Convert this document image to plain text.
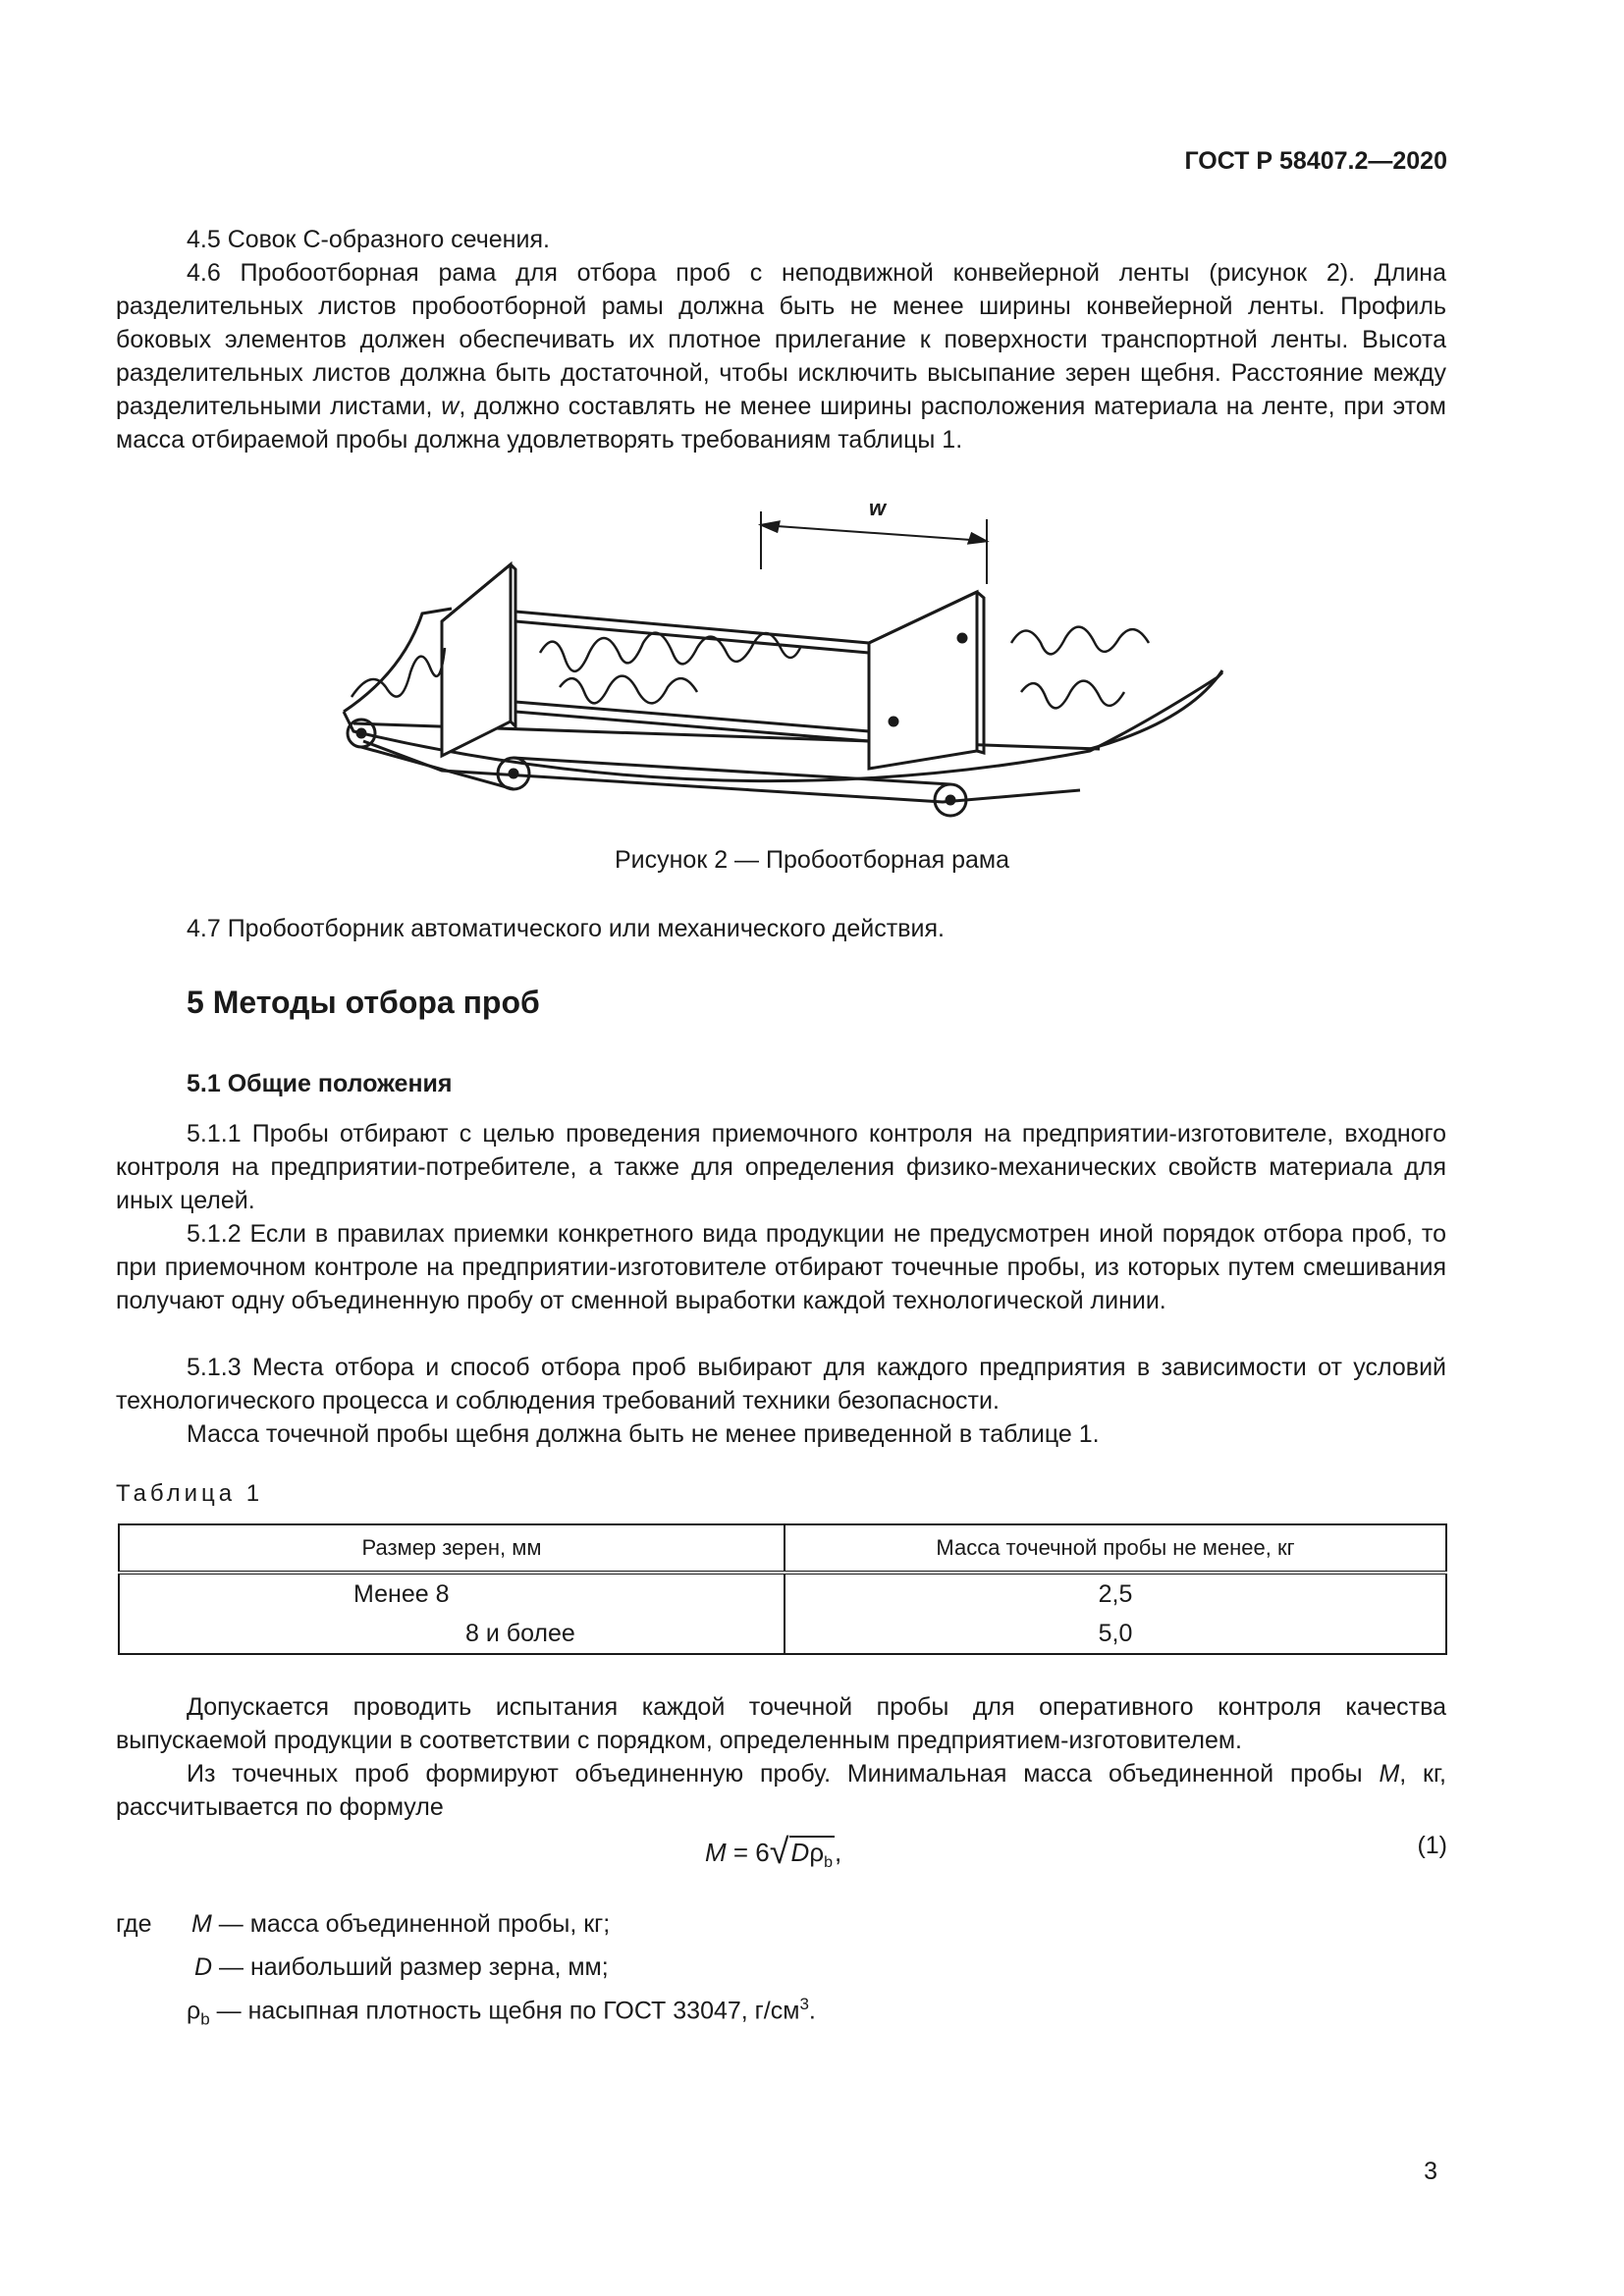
ГОСТ Р 58407.2—2020

4.5 Совок С-образного сечения.

4.6 Пробоотборная рама для отбора проб с неподвижной конвейерной ленты (рисунок 2). Длина разделительных листов пробоотборной рамы должна быть не менее ширины конвейерной ленты. Профиль боковых элементов должен обеспечивать их плотное прилегание к поверхности транспортной ленты. Высота разделительных листов должна быть достаточной, чтобы исключить высыпание зерен щебня. Расстояние между разделительными листами, w, должно составлять не менее ширины расположения материала на ленте, при этом масса отбираемой пробы должна удовлетворять требованиям таблицы 1.

w
Рисунок 2 — Пробоотборная рама

4.7 Пробоотборник автоматического или механического действия.

5 Методы отбора проб
5.1 Общие положения

5.1.1 Пробы отбирают с целью проведения приемочного контроля на предприятии-изготовителе, входного контроля на предприятии-потребителе, а также для определения физико-механических свойств материала для иных целей.

5.1.2 Если в правилах приемки конкретного вида продукции не предусмотрен иной порядок отбора проб, то при приемочном контроле на предприятии-изготовителе отбирают точечные пробы, из которых путем смешивания получают одну объединенную пробу от сменной выработки каждой технологической линии.

5.1.3 Места отбора и способ отбора проб выбирают для каждого предприятия в зависимости от условий технологического процесса и соблюдения требований техники безопасности.

Масса точечной пробы щебня должна быть не менее приведенной в таблице 1.

Таблица 1
Размер зерен, мм	Масса точечной пробы не менее, кг
Менее 8	2,5
8 и более	5,0

Допускается проводить испытания каждой точечной пробы для оперативного контроля качества выпускаемой продукции в соответствии с порядком, определенным предприятием-изготовителем.

Из точечных проб формируют объединенную пробу. Минимальная масса объединенной пробы M, кг, рассчитывается по формуле

$M = 6√D\rho_b$,	(1)
где M — масса объединенной пробы, кг;
D — наибольший размер зерна, мм;
$\rho_b$ — насыпная плотность щебня по ГОСТ 33047, $г/см^3$.
3
